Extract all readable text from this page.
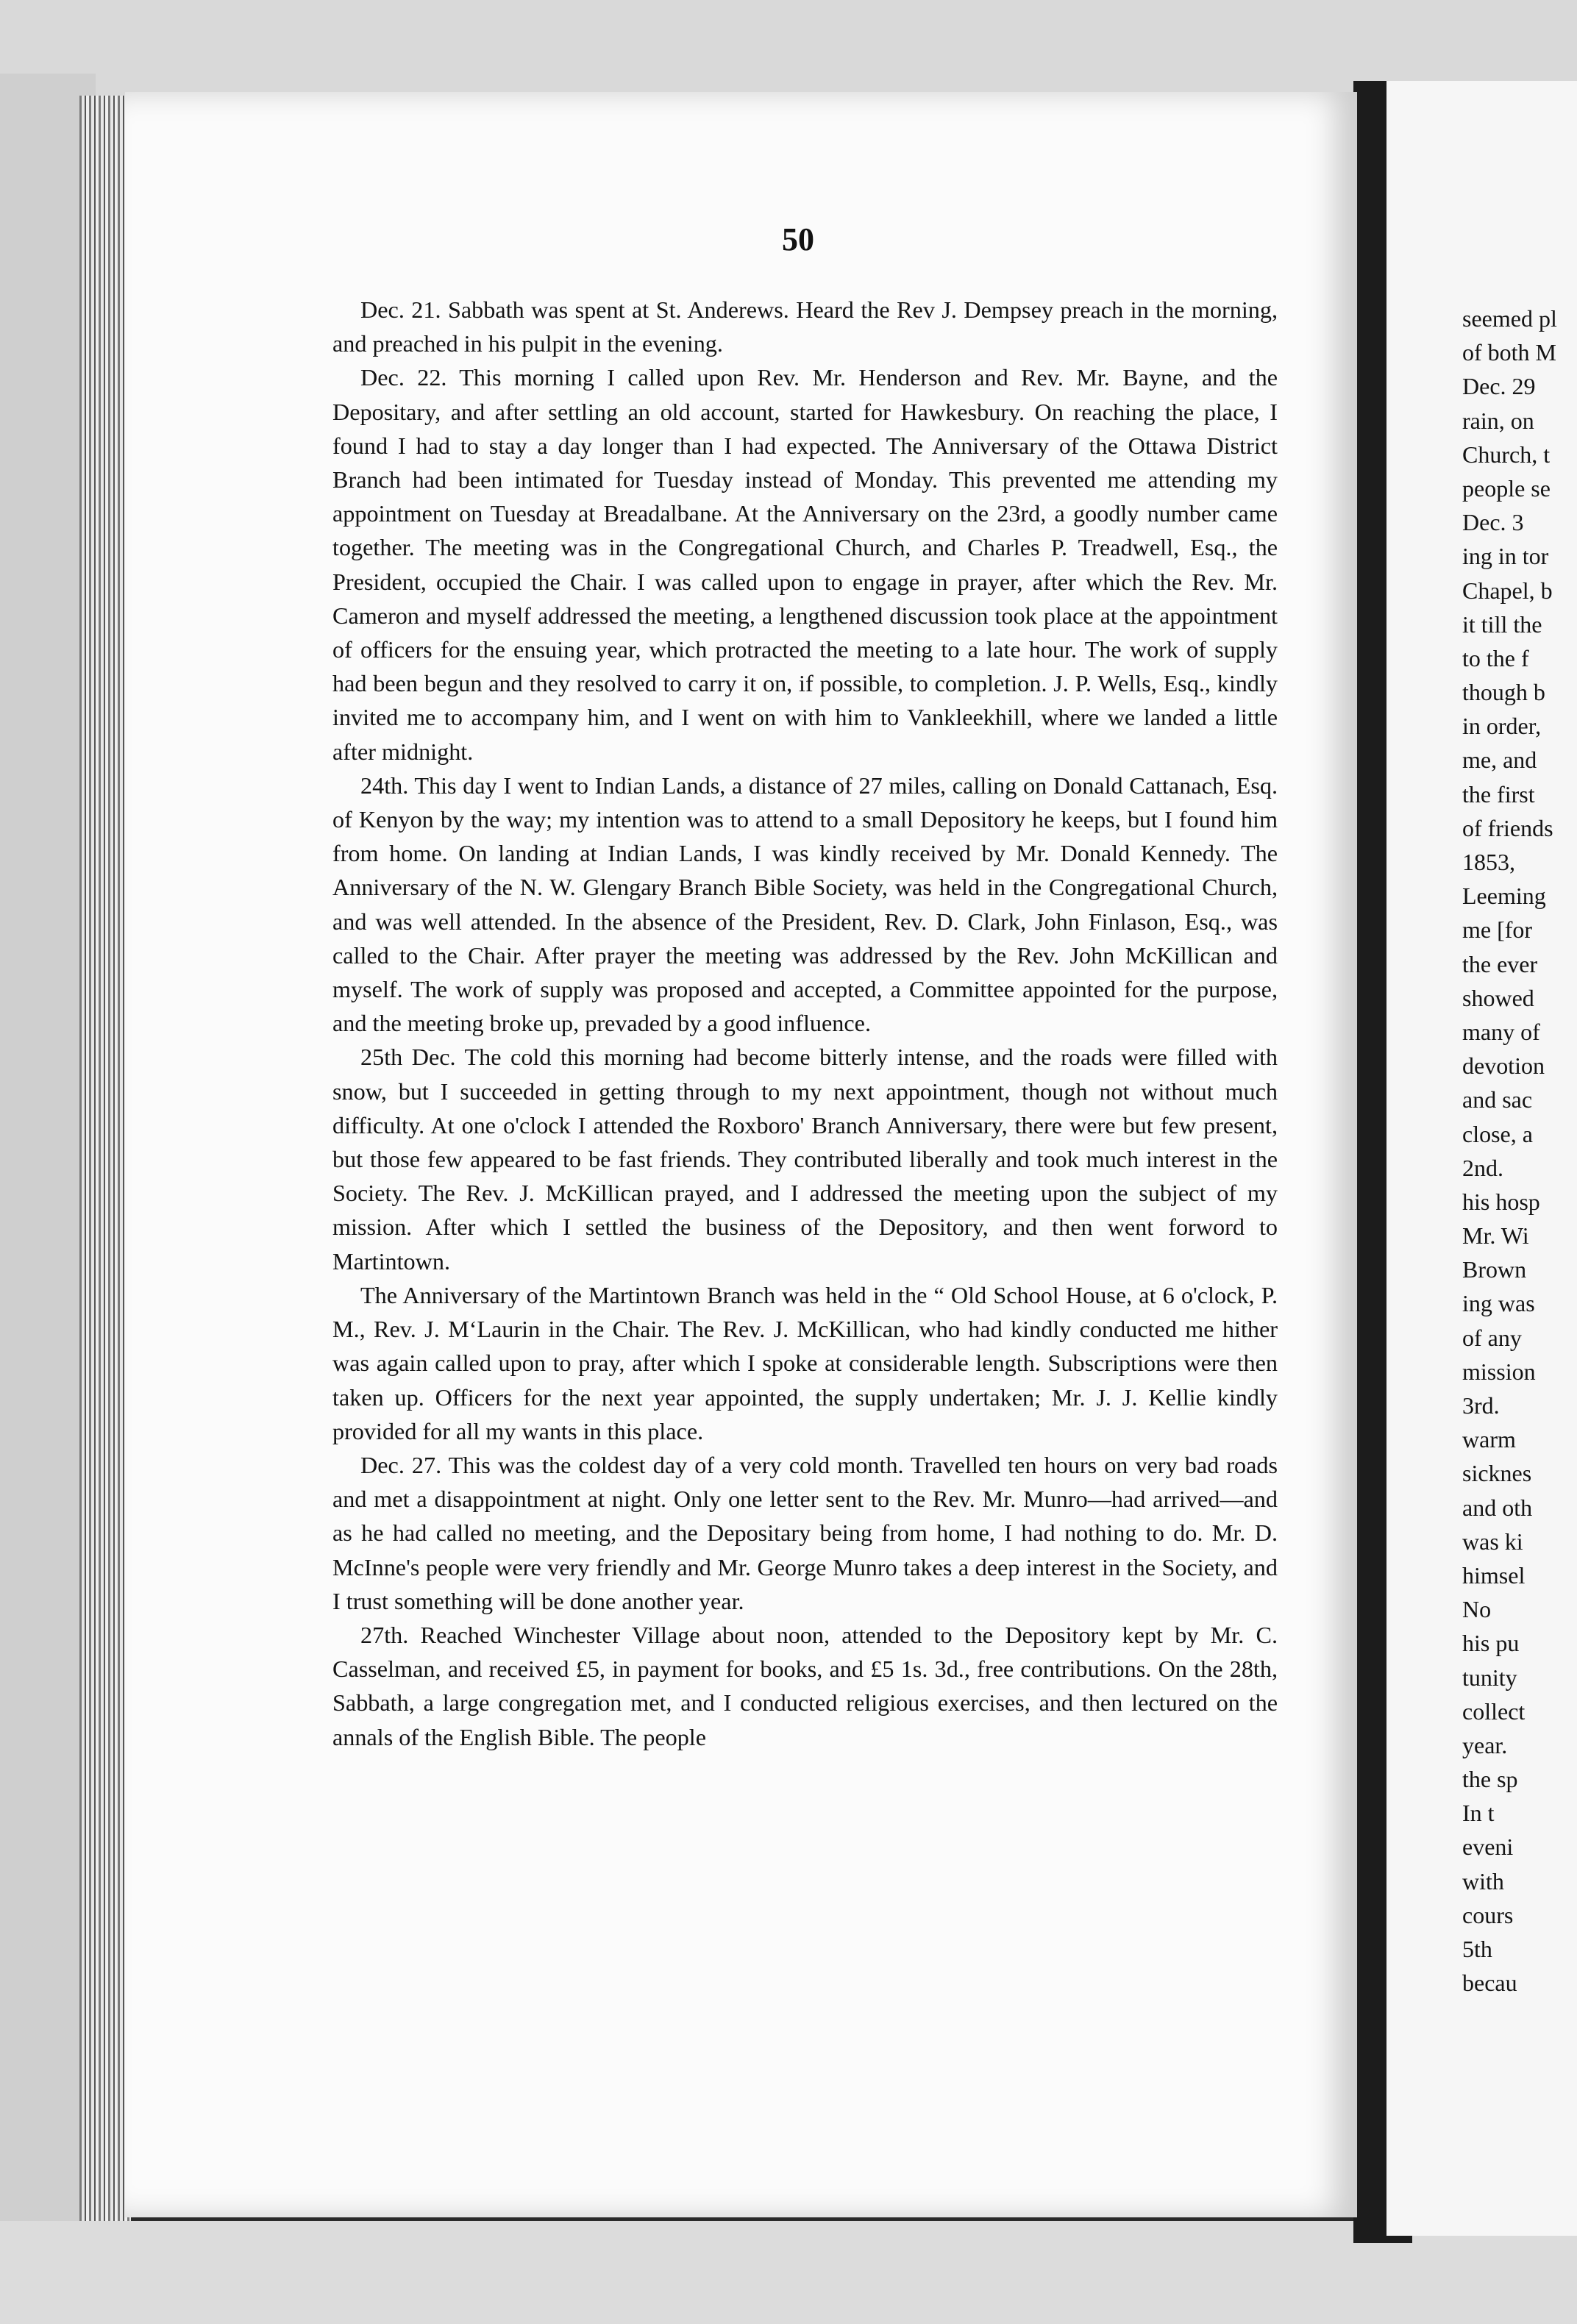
50

Dec. 21. Sabbath was spent at St. Anderews. Heard the Rev J. Dempsey preach in the morning, and preached in his pulpit in the evening.

Dec. 22. This morning I called upon Rev. Mr. Henderson and Rev. Mr. Bayne, and the Depositary, and after settling an old account, started for Hawkesbury. On reaching the place, I found I had to stay a day longer than I had expected. The Anniversary of the Ottawa District Branch had been intimated for Tuesday instead of Monday. This prevented me attending my appointment on Tuesday at Breadalbane. At the Anniversary on the 23rd, a goodly number came together. The meeting was in the Congregational Church, and Charles P. Treadwell, Esq., the President, occupied the Chair. I was called upon to engage in prayer, after which the Rev. Mr. Cameron and myself addressed the meeting, a lengthened discussion took place at the appointment of officers for the ensuing year, which protracted the meeting to a late hour. The work of supply had been begun and they resolved to carry it on, if possible, to completion. J. P. Wells, Esq., kindly invited me to accompany him, and I went on with him to Vankleekhill, where we landed a little after midnight.

24th. This day I went to Indian Lands, a distance of 27 miles, calling on Donald Cattanach, Esq. of Kenyon by the way; my intention was to attend to a small Depository he keeps, but I found him from home. On landing at Indian Lands, I was kindly received by Mr. Donald Kennedy. The Anniversary of the N. W. Glengary Branch Bible Society, was held in the Congregational Church, and was well attended. In the absence of the President, Rev. D. Clark, John Finlason, Esq., was called to the Chair. After prayer the meeting was addressed by the Rev. John McKillican and myself. The work of supply was proposed and accepted, a Committee appointed for the purpose, and the meeting broke up, prevaded by a good influence.

25th Dec. The cold this morning had become bitterly intense, and the roads were filled with snow, but I succeeded in getting through to my next appointment, though not without much difficulty. At one o'clock I attended the Roxboro' Branch Anniversary, there were but few present, but those few appeared to be fast friends. They contributed liberally and took much interest in the Society. The Rev. J. McKillican prayed, and I addressed the meeting upon the subject of my mission. After which I settled the business of the Depository, and then went forword to Martintown.

The Anniversary of the Martintown Branch was held in the “ Old School House, at 6 o'clock, P. M., Rev. J. M‘Laurin in the Chair. The Rev. J. McKillican, who had kindly conducted me hither was again called upon to pray, after which I spoke at considerable length. Subscriptions were then taken up. Officers for the next year appointed, the supply undertaken; Mr. J. J. Kellie kindly provided for all my wants in this place.

Dec. 27. This was the coldest day of a very cold month. Travelled ten hours on very bad roads and met a disappointment at night. Only one letter sent to the Rev. Mr. Munro—had arrived—and as he had called no meeting, and the Depositary being from home, I had nothing to do. Mr. D. McInne's people were very friendly and Mr. George Munro takes a deep interest in the Society, and I trust something will be done another year.

27th. Reached Winchester Village about noon, attended to the Depository kept by Mr. C. Casselman, and received £5, in payment for books, and £5 1s. 3d., free contributions. On the 28th, Sabbath, a large congregation met, and I conducted religious exercises, and then lectured on the annals of the English Bible. The people

seemed pl
of both M
Dec. 29
rain, on
Church, t
people se
Dec. 3
ing in tor
Chapel, b
it till the
to the f
though b
in order,
me, and
the first
of friends
1853,
Leeming
me [for
the ever
showed
many of
devotion
and sac
close, a
2nd.
his hosp
Mr. Wi
Brown
ing was
of any
mission
3rd.
warm
sicknes
and oth
was ki
himsel
No
his pu
tunity
collect
year.
the sp
In t
eveni
with
cours
5th
becau
